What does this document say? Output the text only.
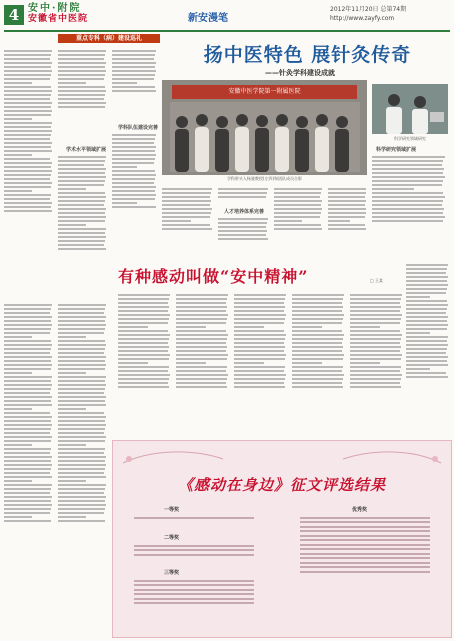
4 安中·附院
安徽省中医院	新安漫笔
2012年11月20日 总第74期
http://www.zayfy.com
重点专科（病）建设巡礼
扬中医特色 展针灸传奇
——针灸学科建设成就
学术水平领域扩展
学科队伍建设完善
安徽中医学院第一附属医院
学科带头人杨骏教授(左四)和团队成员合影
科学研究领域研究
人才培养体系完善
科学研究领域扩展
有种感动叫做“安中精神”	□ 王某
《感动在身边》征文评选结果
一等奖
二等奖
三等奖
优秀奖
